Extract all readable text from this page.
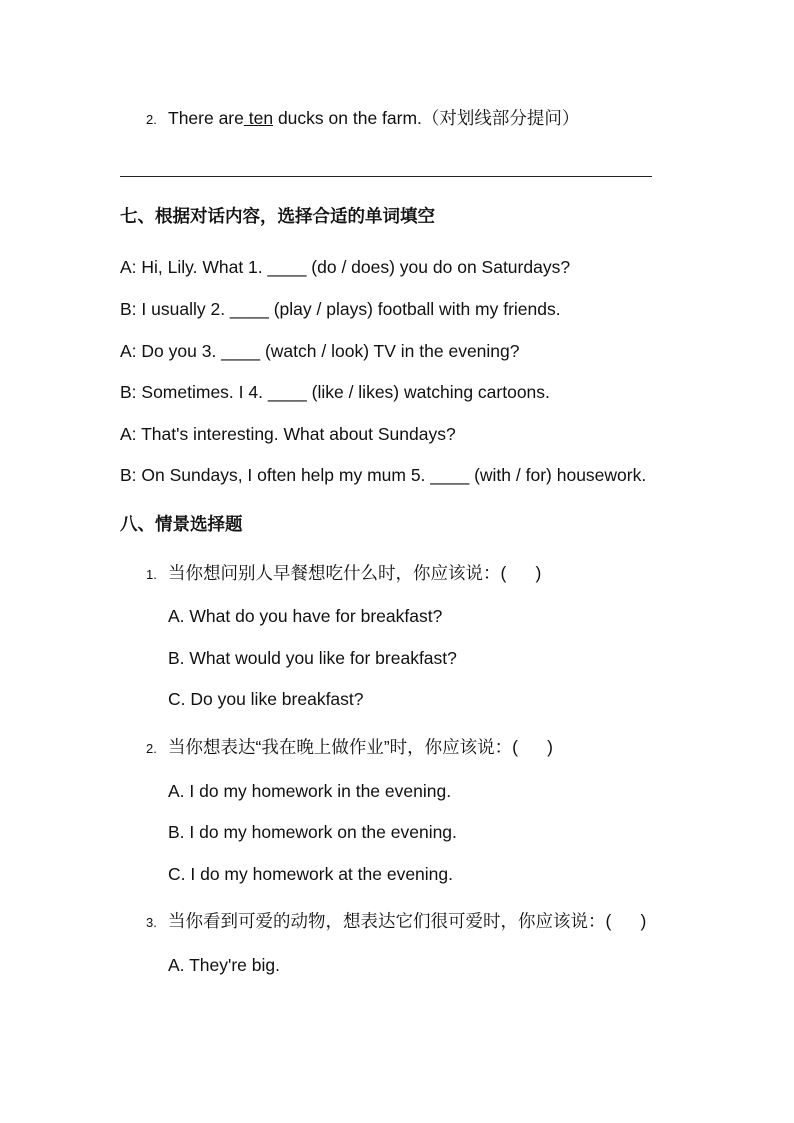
2. There are ten ducks on the farm.（对划线部分提问）
七、根据对话内容，选择合适的单词填空
A: Hi, Lily. What 1. ____ (do / does) you do on Saturdays?
B: I usually 2. ____ (play / plays) football with my friends.
A: Do you 3. ____ (watch / look) TV in the evening?
B: Sometimes. I 4. ____ (like / likes) watching cartoons.
A: That's interesting. What about Sundays?
B: On Sundays, I often help my mum 5. ____ (with / for) housework.
八、情景选择题
1. 当你想问别人早餐想吃什么时，你应该说：(      )
A. What do you have for breakfast?
B. What would you like for breakfast?
C. Do you like breakfast?
2. 当你想表达“我在晚上做作业”时，你应该说：(      )
A. I do my homework in the evening.
B. I do my homework on the evening.
C. I do my homework at the evening.
3. 当你看到可爱的动物，想表达它们很可爱时，你应该说：(      )
A. They're big.
